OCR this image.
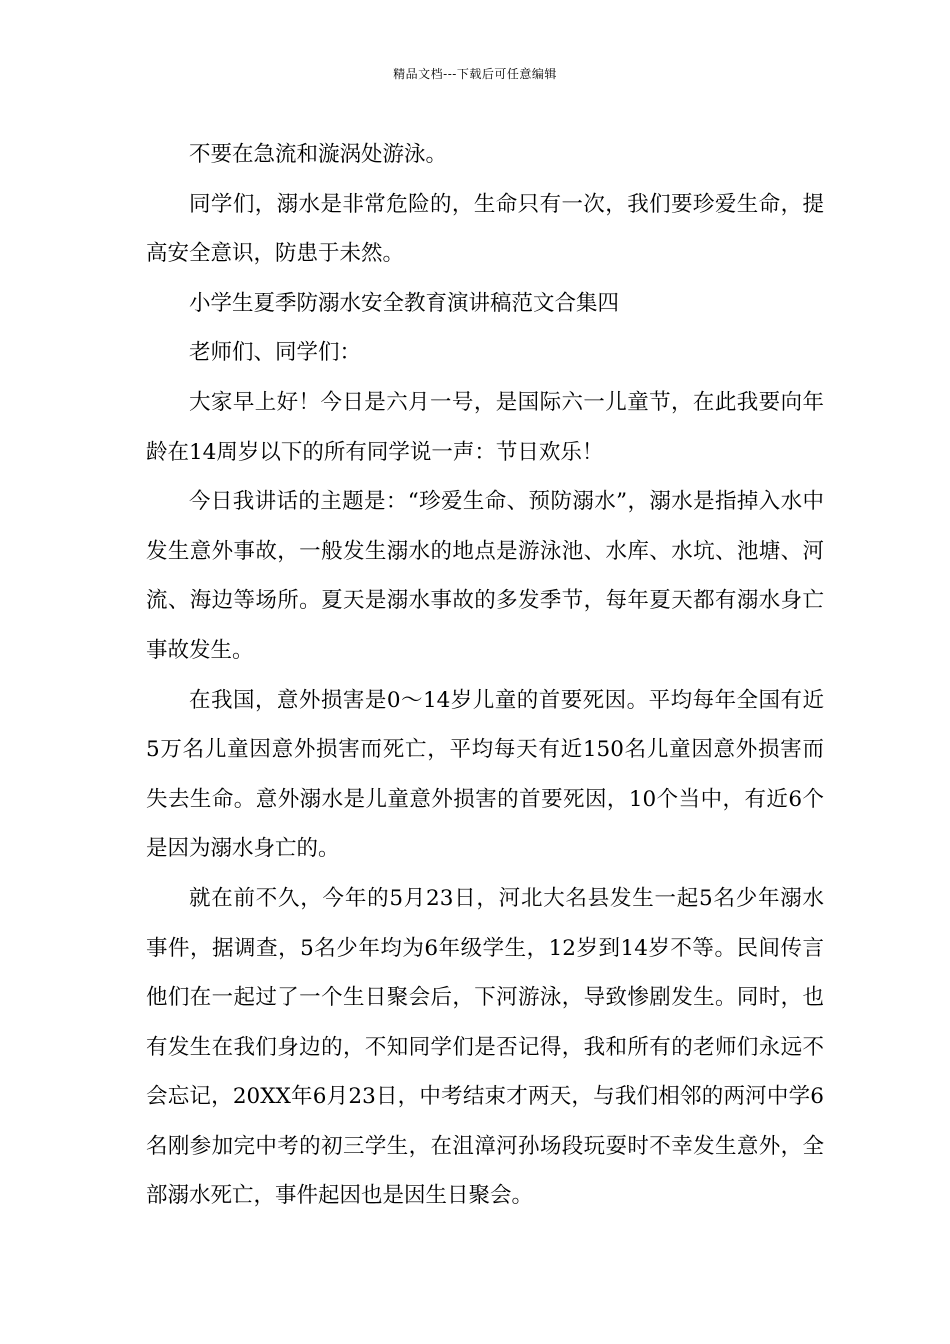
精品文档---下载后可任意编辑

不要在急流和漩涡处游泳。

同学们，溺水是非常危险的，生命只有一次，我们要珍爱生命，提高安全意识，防患于未然。

小学生夏季防溺水安全教育演讲稿范文合集四

老师们、同学们：

大家早上好！今日是六月一号，是国际六一儿童节，在此我要向年龄在14周岁以下的所有同学说一声：节日欢乐！

今日我讲话的主题是：“珍爱生命、预防溺水”，溺水是指掉入水中发生意外事故，一般发生溺水的地点是游泳池、水库、水坑、池塘、河流、海边等场所。夏天是溺水事故的多发季节，每年夏天都有溺水身亡事故发生。

在我国，意外损害是0～14岁儿童的首要死因。平均每年全国有近5万名儿童因意外损害而死亡，平均每天有近150名儿童因意外损害而失去生命。意外溺水是儿童意外损害的首要死因，10个当中，有近6个是因为溺水身亡的。

就在前不久，今年的5月23日，河北大名县发生一起5名少年溺水事件，据调查，5名少年均为6年级学生，12岁到14岁不等。民间传言他们在一起过了一个生日聚会后，下河游泳，导致惨剧发生。同时，也有发生在我们身边的，不知同学们是否记得，我和所有的老师们永远不会忘记，20XX年6月23日，中考结束才两天，与我们相邻的两河中学6名刚参加完中考的初三学生，在沮漳河孙场段玩耍时不幸发生意外，全部溺水死亡，事件起因也是因生日聚会。
